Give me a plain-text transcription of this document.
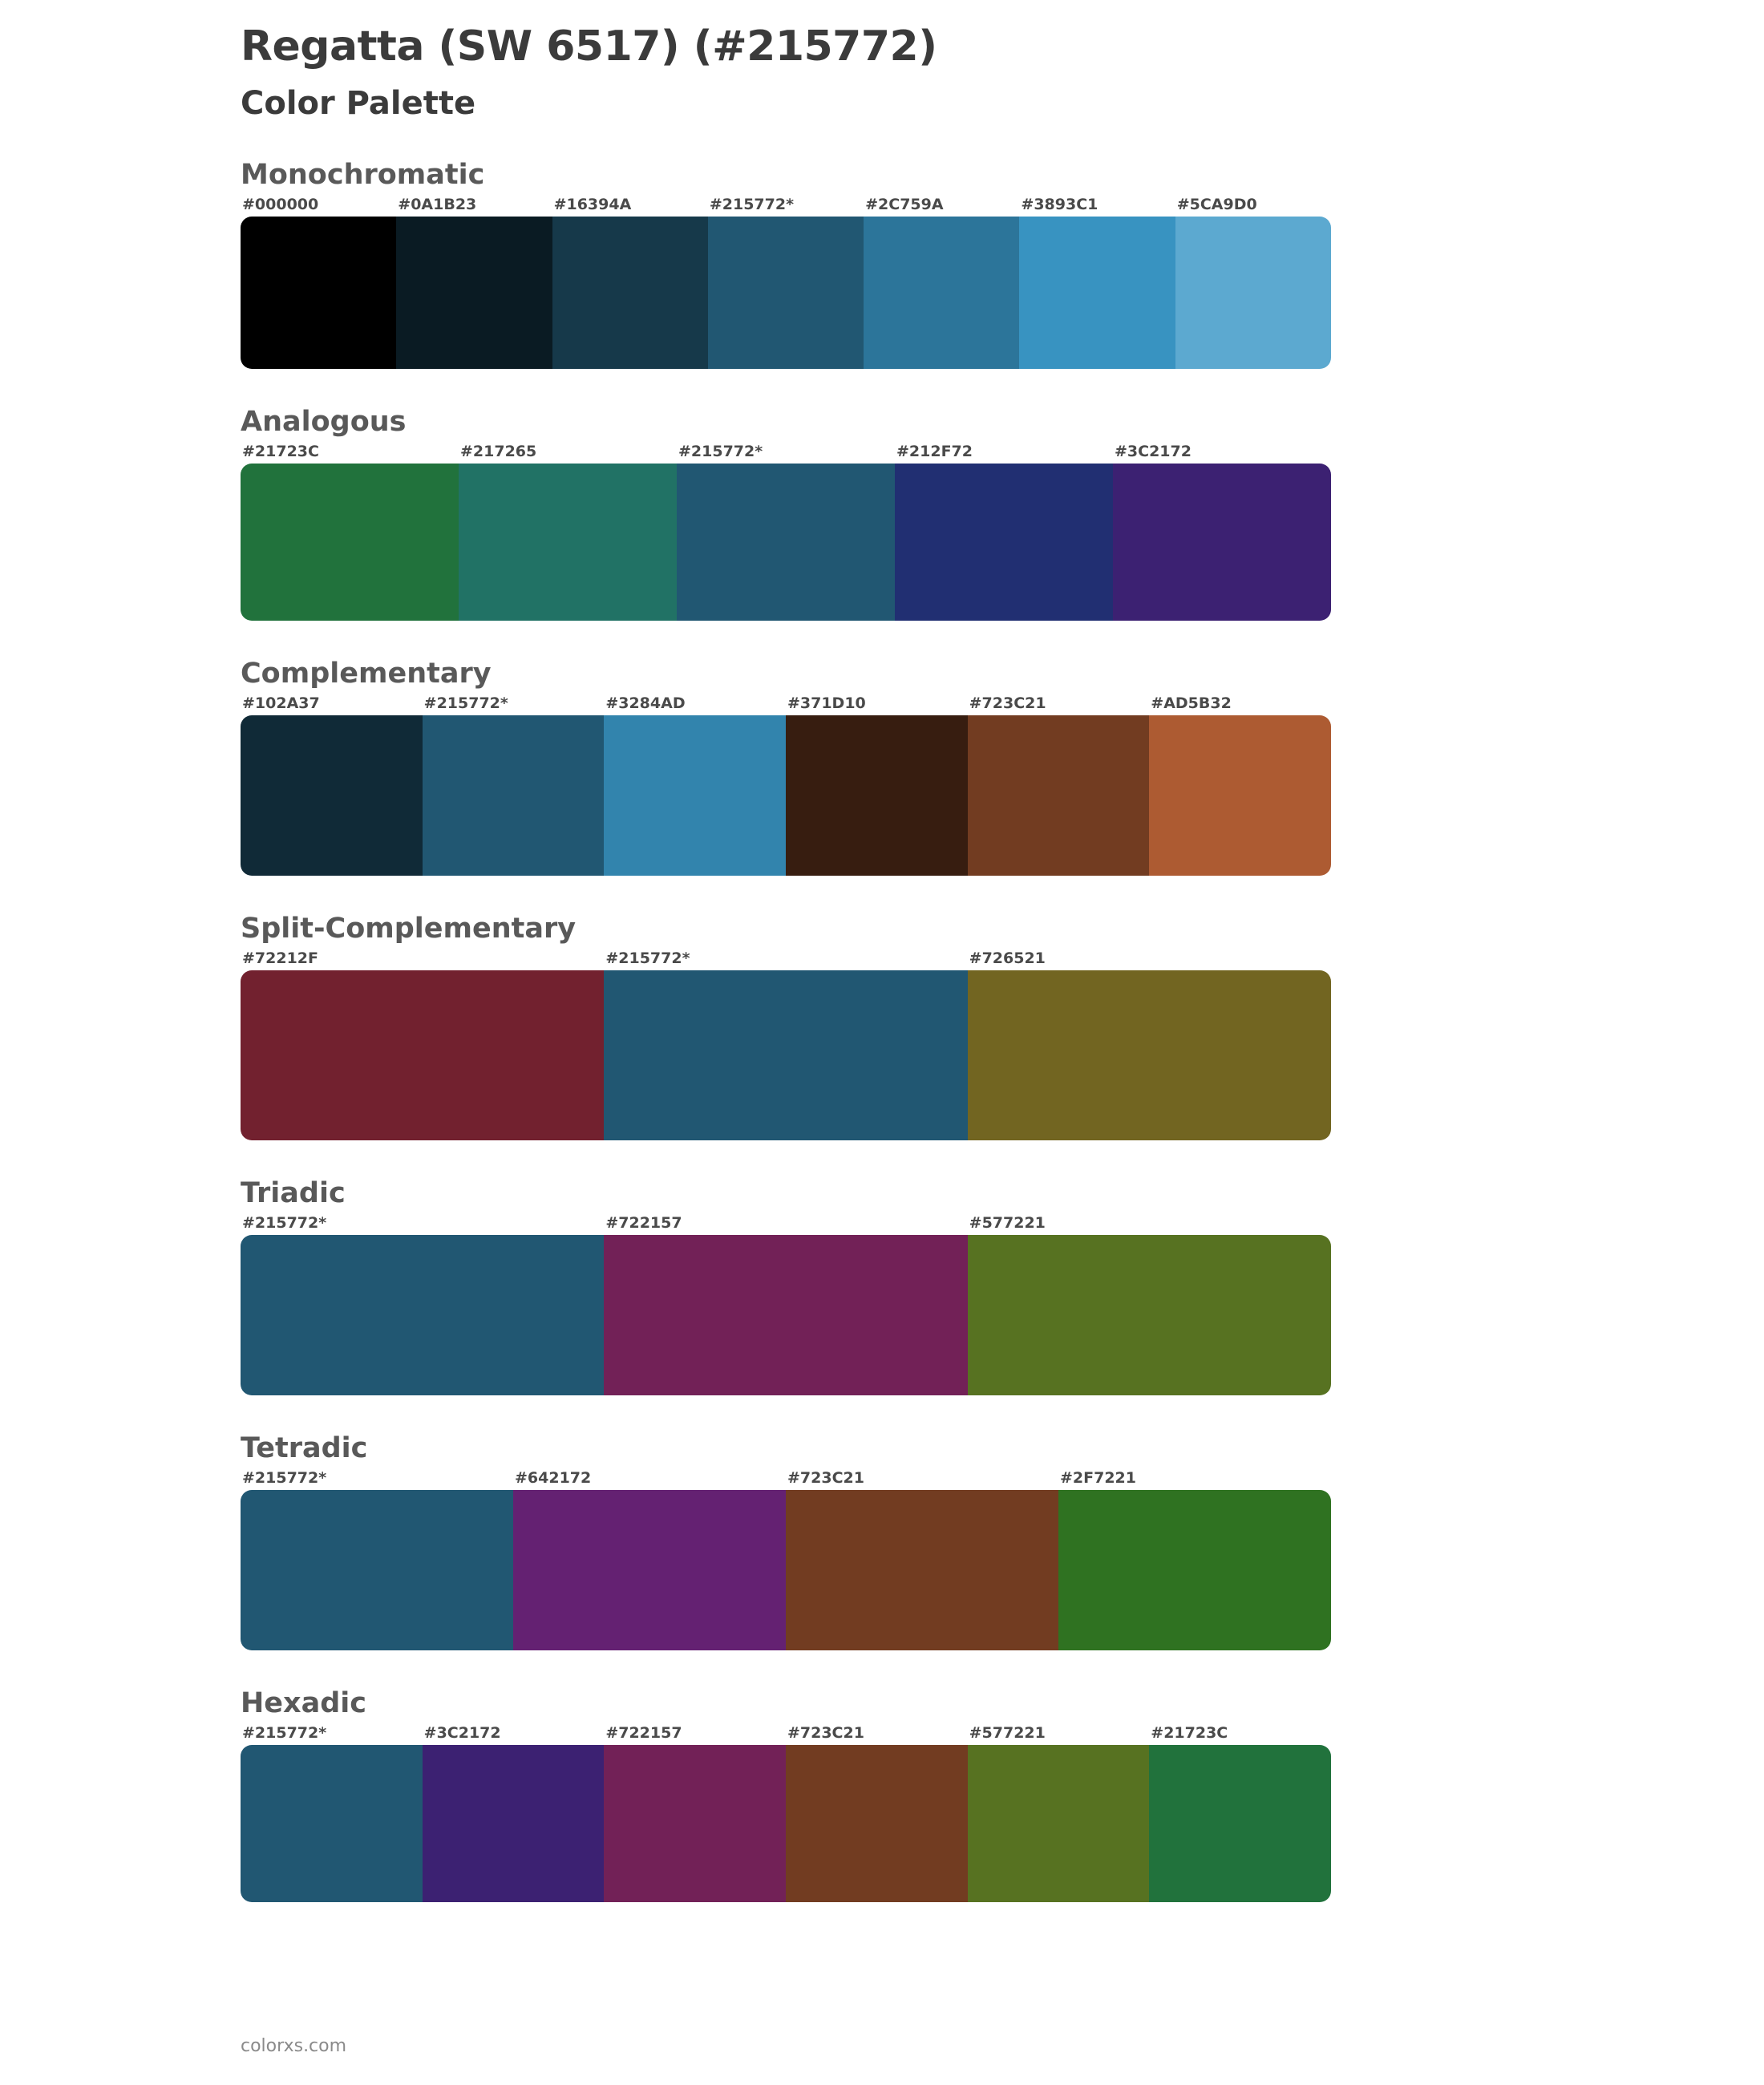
Regatta (SW 6517) (#215772)
Color Palette
Monochromatic
#000000	#0A1B23	#16394A	#215772*	#2C759A	#3893C1	#5CA9D0
Analogous
#21723C	#217265	#215772*	#212F72	#3C2172
Complementary
#102A37	#215772*	#3284AD	#371D10	#723C21	#AD5B32
Split-Complementary
#72212F	#215772*	#726521
Triadic
#215772*	#722157	#577221
Tetradic
#215772*	#642172	#723C21	#2F7221
Hexadic
#215772*	#3C2172	#722157	#723C21	#577221	#21723C
colorxs.com
